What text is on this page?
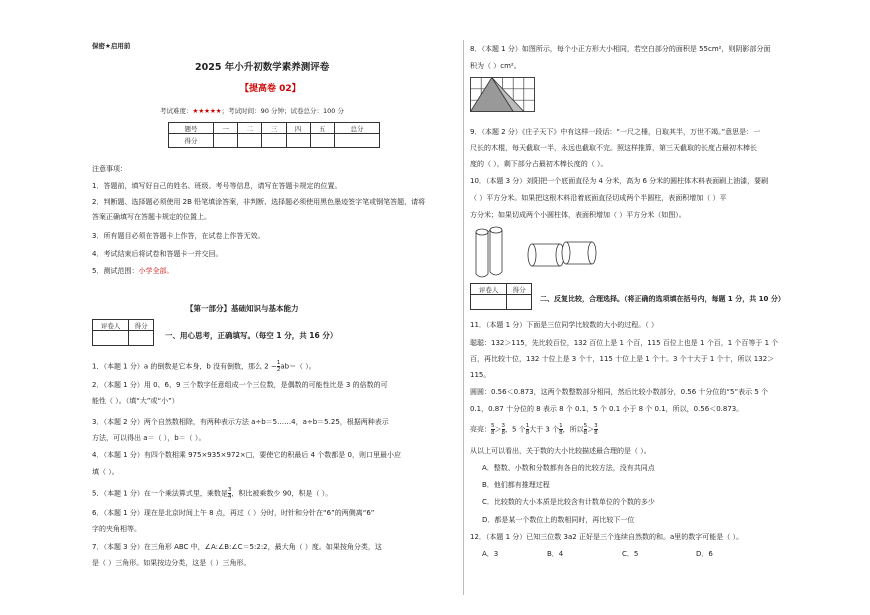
保密★启用前
2025 年小升初数学素养测评卷
【提高卷 02】
考试难度：★★★★★；考试时间：90 分钟；试卷总分：100 分
题号	一	二	三	四	五	总分
得分						
注意事项：
1．答题前，填写好自己的姓名、班级、考号等信息，请写在答题卡规定的位置。
2．判断题、选择题必须使用 2B 铅笔填涂答案，非判断、选择题必须使用黑色墨迹签字笔或钢笔答题，请将
答案正确填写在答题卡规定的位置上。
3．所有题目必须在答题卡上作答，在试卷上作答无效。
4．考试结束后将试卷和答题卡一并交回。
5．测试范围：小学全部。
【第一部分】基础知识与基本能力
评卷人	得分

一、用心思考，正确填写。（每空 1 分，共 16 分）
1．（本题 1 分）a 的倒数是它本身，b 没有倒数，那么 $2 - \frac{1}{2} ab=$（ ）。
2．（本题 1 分）用 0、6、9 三个数字任意组成一个三位数，是偶数的可能性比是 3 的倍数的可
能性（ ）。（填“大”或“小”）
3．（本题 2 分）两个自然数相除，有两种表示方法 a÷b＝5……4，a÷b＝5.25，根据两种表示
方法，可以得出 a＝（ ），b＝（ ）。
4．（本题 1 分）有四个数相乘 975×935×972×□，要使它的积最后 4 个数都是 0，则口里最小应
填（ ）。
5．（本题 1 分）在一个乘法算式里，乘数是 $\frac{3}{4}$ ，积比被乘数少 90，积是（ ）。
6．（本题 1 分）现在是北京时间上午 8 点，再过（ ）分时，时针和分针在“6”的两侧离“6”
字的夹角相等。
7．（本题 3 分）在三角形 ABC 中，∠A:∠B:∠C＝5:2:2，最大角（ ）度。如果按角分类，这
是（ ）三角形。如果按边分类，这是（ ）三角形。
8．（本题 1 分）如图所示，每个小正方形大小相同，若空白部分的面积是 55cm²，则阴影部分面
积为（ ）cm²。
9．（本题 2 分）《庄子天下》中有这样一段话：“一尺之棰，日取其半，万世不竭。”意思是：一
尺长的木棍，每天截取一半，永远也截取不完。照这样推算，第三天截取的长度占最初木棒长
度的（ ），剩下部分占最初木棒长度的（ ）。
10．（本题 3 分）刘阳把一个底面直径为 4 分米，高为 6 分米的圆柱体木料表面刷上油漆，要刷
（ ）平方分米。如果把这根木料沿着底面直径切成两个半圆柱，表面积增加（ ）平
方分米；如果切成两个小圆柱体，表面积增加（ ）平方分米（如图）。
评卷人	得分

二、反复比较，合理选择。（将正确的选项填在括号内，每题 1 分，共 10 分）
11．（本题 1 分）下面是三位同学比较数的大小的过程。（ ）
聪聪：132＞115，先比较百位，132 百位上是 1 个百，115 百位上也是 1 个百，1 个百等于 1 个
百，再比较十位，132 十位上是 3 个十，115 十位上是 1 个十。3 个十大于 1 个十，所以 132＞
115。
圆圆：0.56＜0.873，这两个数整数部分相同，然后比较小数部分，0.56 十分位的“5”表示 5 个
0.1，0.87 十分位的 8 表示 8 个 0.1，5 个 0.1 小于 8 个 0.1，所以，0.56＜0.873。
亮亮： $\frac{5}{8} > \frac{3}{8}$ ，5 个 $\frac{1}{8}$ 大于 3 个 $\frac{1}{8}$ ，所以 $\frac{5}{8} > \frac{3}{8}$
从以上可以看出，关于数的大小比较描述最合理的是（ ）。
A．整数、小数和分数都有各自的比较方法，没有共同点
B．他们都有推理过程
C．比较数的大小本质是比较含有计数单位的个数的多少
D．都是某一个数位上的数相同时，再比较下一位
12．（本题 1 分）已知三位数 3a2 正好是三个连续自然数的和。a里的数字可能是（ ）。
A．3	B．4	C．5	D．6
